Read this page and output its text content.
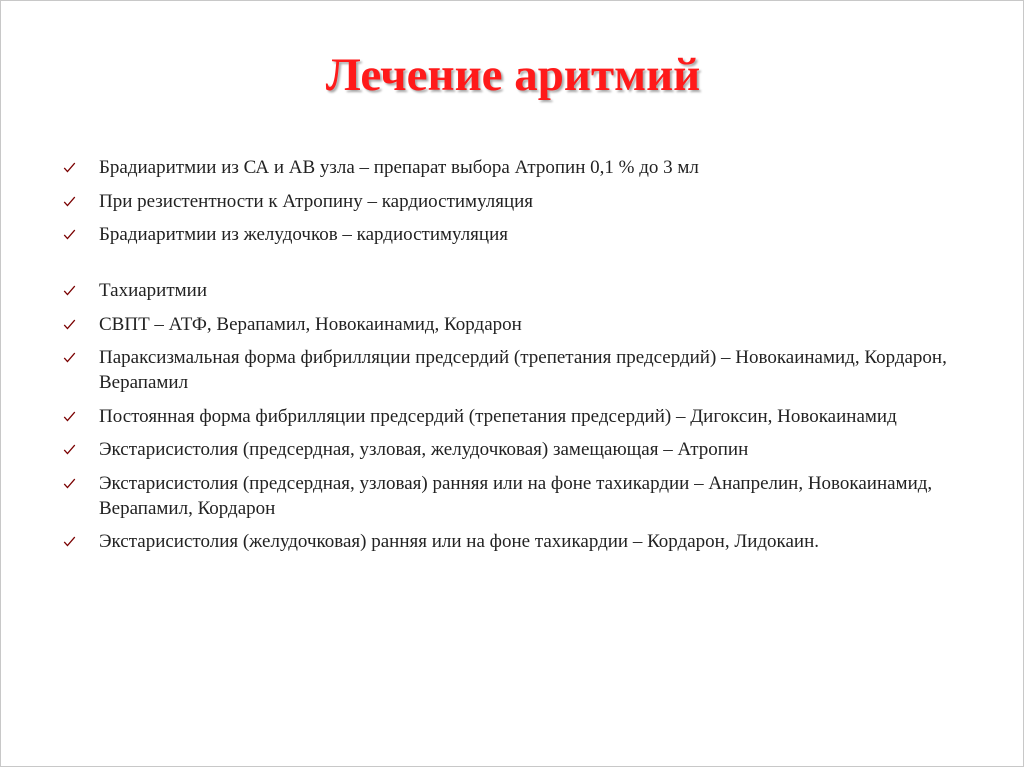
Лечение аритмий
Брадиаритмии из СА и АВ узла – препарат выбора Атропин 0,1 % до 3 мл
При резистентности к Атропину – кардиостимуляция
Брадиаритмии из желудочков – кардиостимуляция
Тахиаритмии
СВПТ – АТФ, Верапамил, Новокаинамид, Кордарон
Параксизмальная форма фибрилляции предсердий (трепетания предсердий) – Новокаинамид, Кордарон, Верапамил
Постоянная форма фибрилляции предсердий (трепетания предсердий) – Дигоксин, Новокаинамид
Экстарисистолия (предсердная, узловая, желудочковая) замещающая – Атропин
Экстарисистолия (предсердная, узловая) ранняя или на фоне тахикардии – Анапрелин, Новокаинамид, Верапамил, Кордарон
Экстарисистолия (желудочковая) ранняя или на фоне тахикардии – Кордарон, Лидокаин.
